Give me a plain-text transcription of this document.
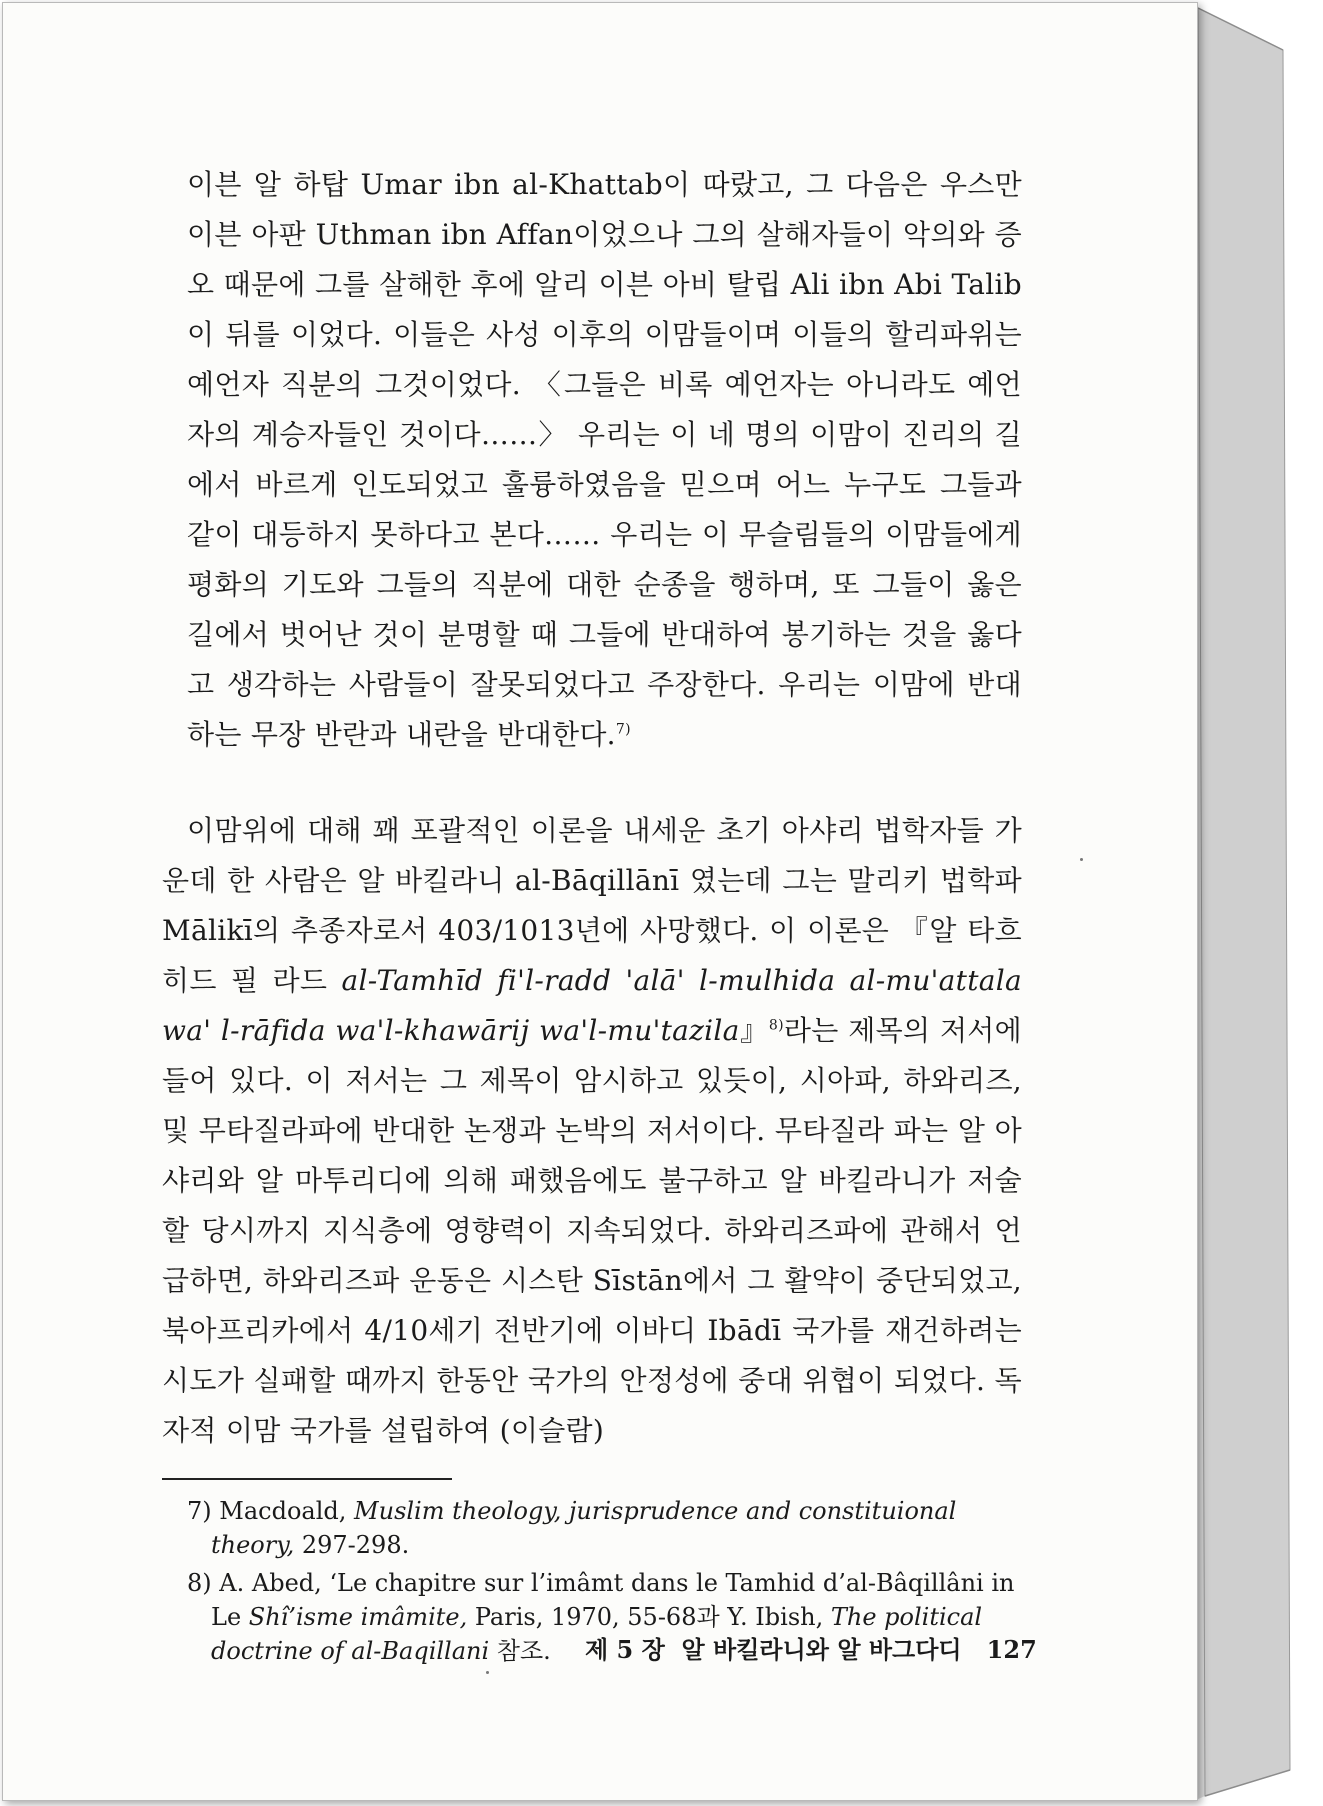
이븐 알 하탑 Umar ibn al-Khattab이 따랐고, 그 다음은 우스만 이븐 아판 Uthman ibn Affan이었으나 그의 살해자들이 악의와 증오 때문에 그를 살해한 후에 알리 이븐 아비 탈립 Ali ibn Abi Talib이 뒤를 이었다. 이들은 사성 이후의 이맘들이며 이들의 할리파위는 예언자 직분의 그것이었다. 〈그들은 비록 예언자는 아니라도 예언자의 계승자들인 것이다……〉 우리는 이 네 명의 이맘이 진리의 길에서 바르게 인도되었고 훌륭하였음을 믿으며 어느 누구도 그들과 같이 대등하지 못하다고 본다…… 우리는 이 무슬림들의 이맘들에게 평화의 기도와 그들의 직분에 대한 순종을 행하며, 또 그들이 옳은 길에서 벗어난 것이 분명할 때 그들에 반대하여 봉기하는 것을 옳다고 생각하는 사람들이 잘못되었다고 주장한다. 우리는 이맘에 반대하는 무장 반란과 내란을 반대한다.$^{7)}$

이맘위에 대해 꽤 포괄적인 이론을 내세운 초기 아샤리 법학자들 가운데 한 사람은 알 바킬라니 al-Bāqillānī 였는데 그는 말리키 법학파 Mālikī의 추종자로서 403/1013년에 사망했다. 이 이론은 『알 타흐히드 필 라드 al-Tamhīd fi'l-radd 'alā' l-mulhida al-mu'attala wa' l-rāfida wa'l-khawārij wa'l-mu'tazila』$^{8)}$라는 제목의 저서에 들어 있다. 이 저서는 그 제목이 암시하고 있듯이, 시아파, 하와리즈, 및 무타질라파에 반대한 논쟁과 논박의 저서이다. 무타질라 파는 알 아샤리와 알 마투리디에 의해 패했음에도 불구하고 알 바킬라니가 저술할 당시까지 지식층에 영향력이 지속되었다. 하와리즈파에 관해서 언급하면, 하와리즈파 운동은 시스탄 Sīstān에서 그 활약이 중단되었고, 북아프리카에서 4/10세기 전반기에 이바디 Ibādī 국가를 재건하려는 시도가 실패할 때까지 한동안 국가의 안정성에 중대 위협이 되었다. 독자적 이맘 국가를 설립하여 (이슬람)

7) Macdoald, Muslim theology, jurisprudence and constituional theory, 297-298.

8) A. Abed, ‘Le chapitre sur l’imâmt dans le Tamhid d’al-Bâqillâni in Le Shî’isme imâmite, Paris, 1970, 55-68과 Y. Ibish, The political doctrine of al-Baqillani 참조.	제 5 장 알 바킬라니와 알 바그다디 127
